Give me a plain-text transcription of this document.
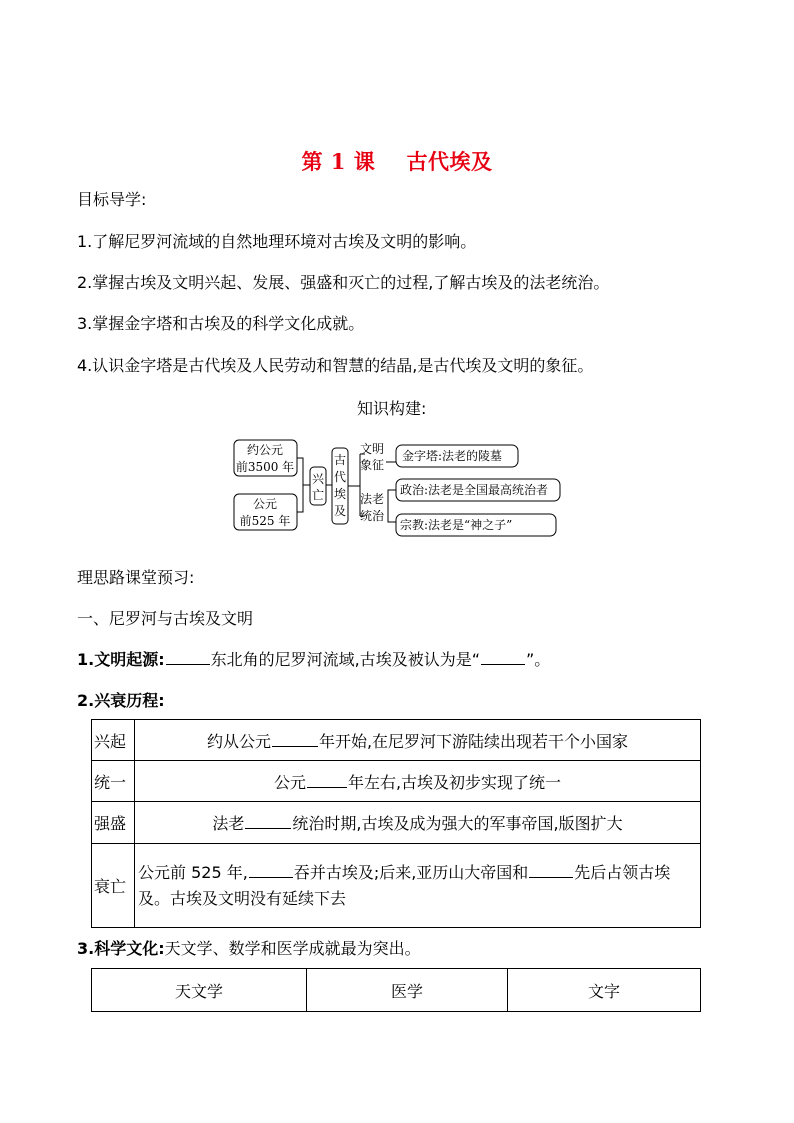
第 1 课    古代埃及
目标导学:
1.了解尼罗河流域的自然地理环境对古埃及文明的影响。
2.掌握古埃及文明兴起、发展、强盛和灭亡的过程,了解古埃及的法老统治。
3.掌握金字塔和古埃及的科学文化成就。
4.认识金字塔是古代埃及人民劳动和智慧的结晶,是古代埃及文明的象征。
知识构建:
约公元
前3500 年
公元
前525 年
兴
亡
古
代
埃
及
文明
象征
法老
统治
金字塔:法老的陵墓
政治:法老是全国最高统治者
宗教:法老是“神之子”
理思路课堂预习:
一、尼罗河与古埃及文明
1.文明起源:	东北角的尼罗河流域,古埃及被认为是“	”。
2.兴衰历程:
兴起	约从公元 年开始,在尼罗河下游陆续出现若干个小国家
统一	公元 年左右,古埃及初步实现了统一
强盛	法老 统治时期,古埃及成为强大的军事帝国,版图扩大
衰亡	公元前 525 年, 吞并古埃及;后来,亚历山大帝国和 先后占领古埃及。古埃及文明没有延续下去
3.科学文化:天文学、数学和医学成就最为突出。
天文学	医学	文字
